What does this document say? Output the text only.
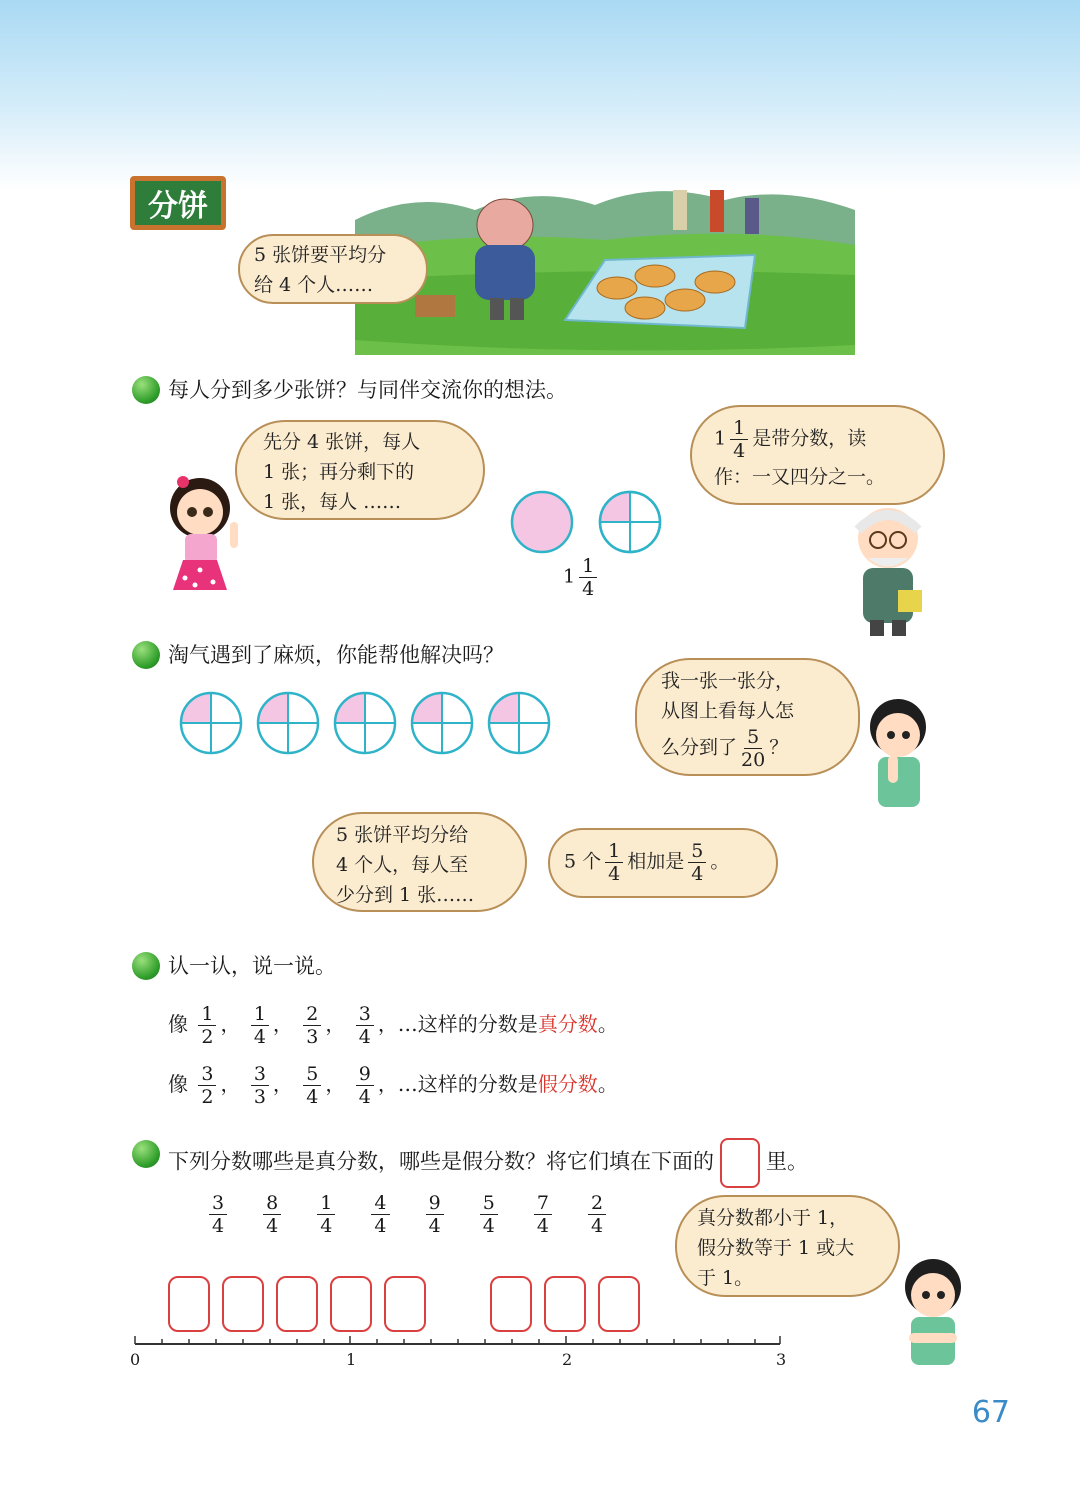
分饼
5 张饼要平均分
给 4 个人……
每人分到多少张饼？与同伴交流你的想法。
先分 4 张饼，每人
1 张；再分剩下的
1 张，每人 ……
$1 \frac{1}{4}$
$1 \frac{1}{4}$ 是带分数，读
作：一又四分之一。
淘气遇到了麻烦，你能帮他解决吗？
我一张一张分，
从图上看每人怎
么分到了 $\frac{5}{20}$ ？
5 张饼平均分给
4 个人，每人至
少分到 1 张……
5 个 $\frac{1}{4}$ 相加是 $\frac{5}{4}$ 。
认一认，说一说。
像 $\frac{1}{2}$ ， $\frac{1}{4}$ ， $\frac{2}{3}$ ， $\frac{3}{4}$ ，…这样的分数是真分数。
像 $\frac{3}{2}$ ， $\frac{3}{3}$ ， $\frac{5}{4}$ ， $\frac{9}{4}$ ，…这样的分数是假分数。
下列分数哪些是真分数，哪些是假分数？将它们填在下面的 里。
$\frac{3}{4}$
$\frac{8}{4}$
$\frac{1}{4}$
$\frac{4}{4}$
$\frac{9}{4}$
$\frac{5}{4}$
$\frac{7}{4}$
$\frac{2}{4}$
0	1	2	3
真分数都小于 1，
假分数等于 1 或大
于 1。
67
